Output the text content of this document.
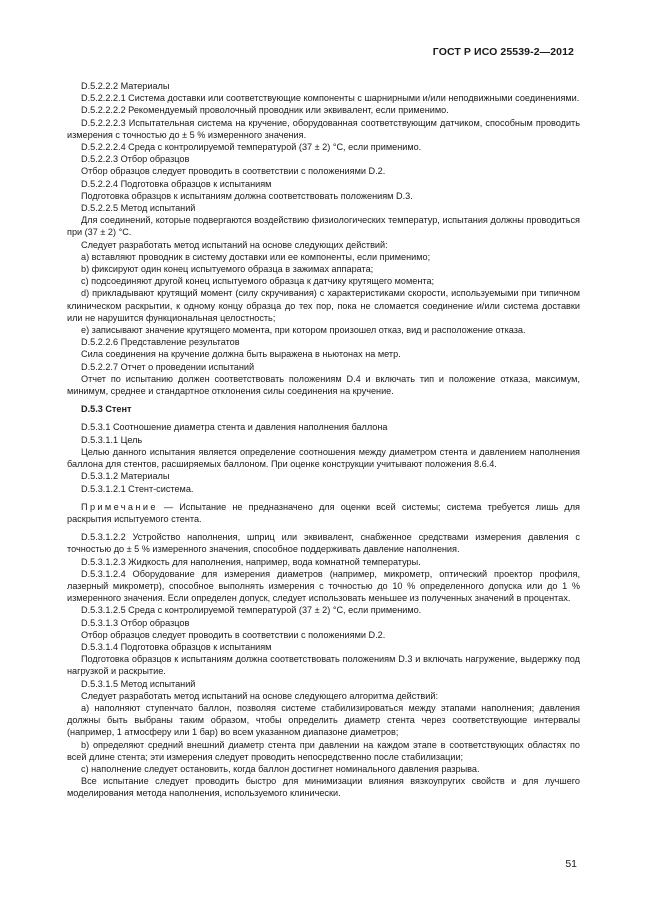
ГОСТ Р ИСО 25539-2—2012

D.5.2.2.2 Материалы

D.5.2.2.2.1 Система доставки или соответствующие компоненты с шарнирными и/или неподвижными соединениями.

D.5.2.2.2.2 Рекомендуемый проволочный проводник или эквивалент, если применимо.

D.5.2.2.2.3 Испытательная система на кручение, оборудованная соответствующим датчиком, способным проводить измерения с точностью до ± 5 % измеренного значения.

D.5.2.2.2.4 Среда с контролируемой температурой (37 ± 2) °С, если применимо.

D.5.2.2.3 Отбор образцов

Отбор образцов следует проводить в соответствии с положениями D.2.

D.5.2.2.4 Подготовка образцов к испытаниям

Подготовка образцов к испытаниям должна соответствовать положениям D.3.

D.5.2.2.5 Метод испытаний

Для соединений, которые подвергаются воздействию физиологических температур, испытания должны проводиться при (37 ± 2) °С.

Следует разработать метод испытаний на основе следующих действий:

а) вставляют проводник в систему доставки или ее компоненты, если применимо;

b) фиксируют один конец испытуемого образца в зажимах аппарата;

c) подсоединяют другой конец испытуемого образца к датчику крутящего момента;

d) прикладывают крутящий момент (силу скручивания) с характеристиками скорости, используемыми при типичном клиническом раскрытии, к одному концу образца до тех пор, пока не сломается соединение и/или система доставки или не нарушится функциональная целостность;

e) записывают значение крутящего момента, при котором произошел отказ, вид и расположение отказа.

D.5.2.2.6 Представление результатов

Сила соединения на кручение должна быть выражена в ньютонах на метр.

D.5.2.2.7 Отчет о проведении испытаний

Отчет по испытанию должен соответствовать положениям D.4 и включать тип и положение отказа, максимум, минимум, среднее и стандартное отклонения силы соединения на кручение.

D.5.3 Стент

D.5.3.1 Соотношение диаметра стента и давления наполнения баллона

D.5.3.1.1 Цель

Целью данного испытания является определение соотношения между диаметром стента и давлением наполнения баллона для стентов, расширяемых баллоном. При оценке конструкции учитывают положения 8.6.4.

D.5.3.1.2 Материалы

D.5.3.1.2.1 Стент-система.

Примечание — Испытание не предназначено для оценки всей системы; система требуется лишь для раскрытия испытуемого стента.

D.5.3.1.2.2 Устройство наполнения, шприц или эквивалент, снабженное средствами измерения давления с точностью до ± 5 % измеренного значения, способное поддерживать давление наполнения.

D.5.3.1.2.3 Жидкость для наполнения, например, вода комнатной температуры.

D.5.3.1.2.4 Оборудование для измерения диаметров (например, микрометр, оптический проектор профиля, лазерный микрометр), способное выполнять измерения с точностью до 10 % определенного допуска или до 1 % измеренного значения. Если определен допуск, следует использовать меньшее из полученных значений в процентах.

D.5.3.1.2.5 Среда с контролируемой температурой (37 ± 2) °С, если применимо.

D.5.3.1.3 Отбор образцов

Отбор образцов следует проводить в соответствии с положениями D.2.

D.5.3.1.4 Подготовка образцов к испытаниям

Подготовка образцов к испытаниям должна соответствовать положениям D.3 и включать нагружение, выдержку под нагрузкой и раскрытие.

D.5.3.1.5 Метод испытаний

Следует разработать метод испытаний на основе следующего алгоритма действий:

а) наполняют ступенчато баллон, позволяя системе стабилизироваться между этапами наполнения; давления должны быть выбраны таким образом, чтобы определить диаметр стента через соответствующие интервалы (например, 1 атмосферу или 1 бар) во всем указанном диапазоне диаметров;

b) определяют средний внешний диаметр стента при давлении на каждом этапе в соответствующих областях по всей длине стента; эти измерения следует проводить непосредственно после стабилизации;

c) наполнение следует остановить, когда баллон достигнет номинального давления разрыва.

Все испытание следует проводить быстро для минимизации влияния вязкоупругих свойств и для лучшего моделирования метода наполнения, используемого клинически.

51
